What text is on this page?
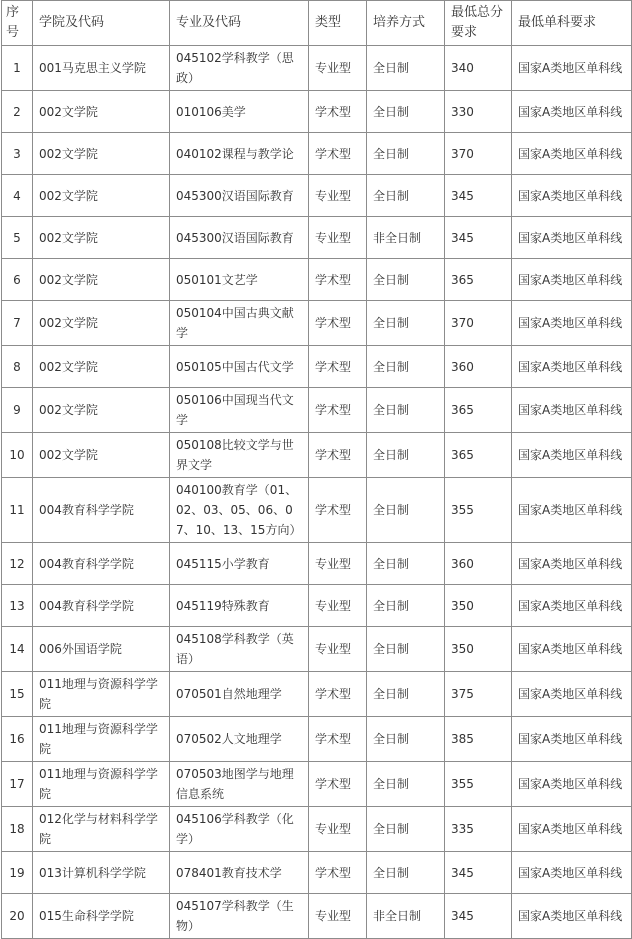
序号	学院及代码	专业及代码	类型	培养方式	最低总分要求	最低单科要求
1	001马克思主义学院	045102学科教学（思政）	专业型	全日制	340	国家A类地区单科线
2	002文学院	010106美学	学术型	全日制	330	国家A类地区单科线
3	002文学院	040102课程与教学论	学术型	全日制	370	国家A类地区单科线
4	002文学院	045300汉语国际教育	专业型	全日制	345	国家A类地区单科线
5	002文学院	045300汉语国际教育	专业型	非全日制	345	国家A类地区单科线
6	002文学院	050101文艺学	学术型	全日制	365	国家A类地区单科线
7	002文学院	050104中国古典文献学	学术型	全日制	370	国家A类地区单科线
8	002文学院	050105中国古代文学	学术型	全日制	360	国家A类地区单科线
9	002文学院	050106中国现当代文学	学术型	全日制	365	国家A类地区单科线
10	002文学院	050108比较文学与世界文学	学术型	全日制	365	国家A类地区单科线
11	004教育科学学院	040100教育学（01、02、03、05、06、07、10、13、15方向）	学术型	全日制	355	国家A类地区单科线
12	004教育科学学院	045115小学教育	专业型	全日制	360	国家A类地区单科线
13	004教育科学学院	045119特殊教育	专业型	全日制	350	国家A类地区单科线
14	006外国语学院	045108学科教学（英语）	专业型	全日制	350	国家A类地区单科线
15	011地理与资源科学学院	070501自然地理学	学术型	全日制	375	国家A类地区单科线
16	011地理与资源科学学院	070502人文地理学	学术型	全日制	385	国家A类地区单科线
17	011地理与资源科学学院	070503地图学与地理信息系统	学术型	全日制	355	国家A类地区单科线
18	012化学与材料科学学院	045106学科教学（化学）	专业型	全日制	335	国家A类地区单科线
19	013计算机科学学院	078401教育技术学	学术型	全日制	345	国家A类地区单科线
20	015生命科学学院	045107学科教学（生物）	专业型	非全日制	345	国家A类地区单科线
